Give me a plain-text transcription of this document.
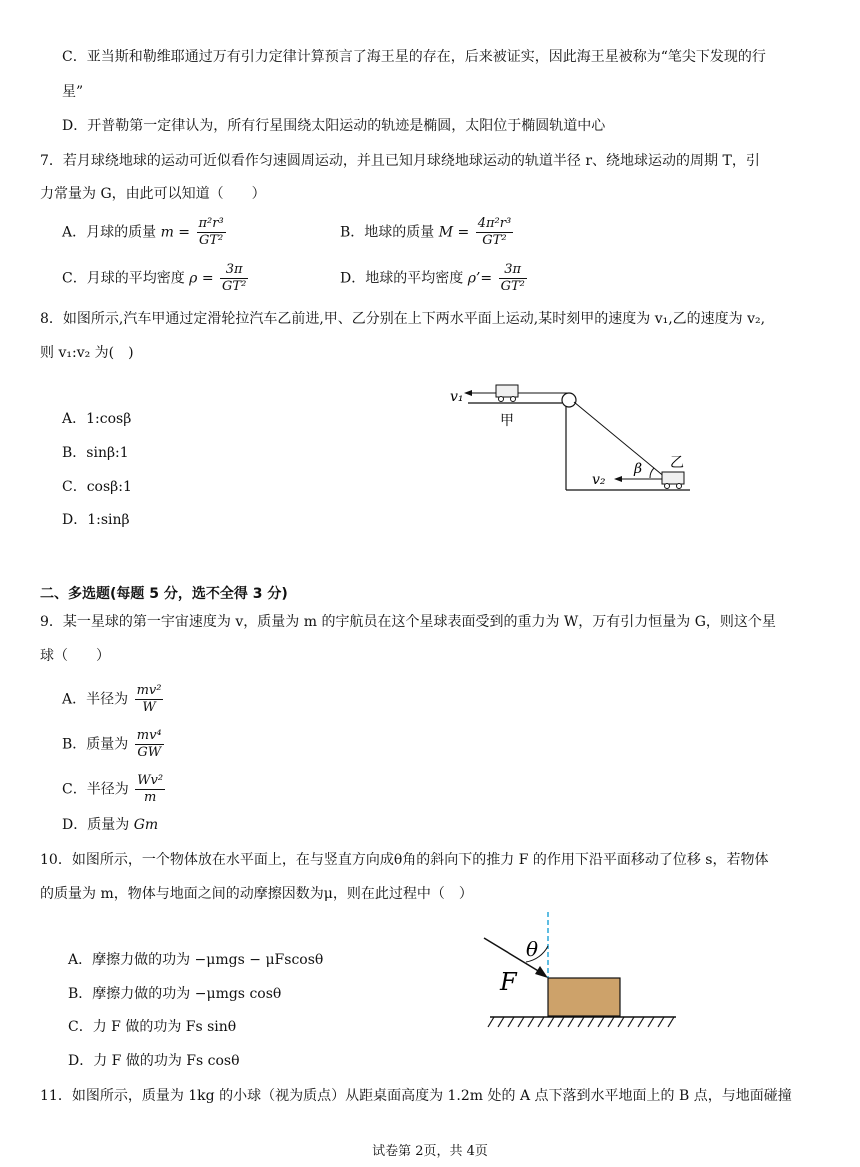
C．亚当斯和勒维耶通过万有引力定律计算预言了海王星的存在，后来被证实，因此海王星被称为“笔尖下发现的行
星”
D．开普勒第一定律认为，所有行星围绕太阳运动的轨迹是椭圆，太阳位于椭圆轨道中心
7．若月球绕地球的运动可近似看作匀速圆周运动，并且已知月球绕地球运动的轨道半径 r、绕地球运动的周期 T，引
力常量为 G，由此可以知道（　　）
A．月球的质量 $m = \frac{\text{π²r³}}{\text{GT²}}$	B．地球的质量 $M = \frac{\text{4π²r³}}{\text{GT²}}$
C．月球的平均密度 $\rho = \frac{3\pi}{\text{GT²}}$	D．地球的平均密度 ρ’= $\frac{3\pi}{\text{GT²}}$
8．如图所示,汽车甲通过定滑轮拉汽车乙前进,甲、乙分别在上下两水平面上运动,某时刻甲的速度为 v₁,乙的速度为 v₂,
则 v₁:v₂ 为(　)
A．1:cosβ
B．sinβ:1
C．cosβ:1
D．1:sinβ
v₁
甲
乙
β
v₂
二、多选题(每题 5 分，选不全得 3 分)
9．某一星球的第一宇宙速度为 v，质量为 m 的宇航员在这个星球表面受到的重力为 W，万有引力恒量为 G，则这个星
球（　　）
A．半径为 $\frac{\text{mv²}}{W}$
B．质量为 $\frac{\text{mv⁴}}{GW}$
C．半径为 $\frac{\text{Wv²}}{m}$
D．质量为 Gm
10．如图所示，一个物体放在水平面上，在与竖直方向成θ角的斜向下的推力 F 的作用下沿平面移动了位移 s，若物体
的质量为 m，物体与地面之间的动摩擦因数为μ，则在此过程中（　）
A．摩擦力做的功为 −μmgs − μFscosθ
B．摩擦力做的功为 −μmgs cosθ
C．力 F 做的功为 Fs sinθ
D．力 F 做的功为 Fs cosθ
θ
F
11．如图所示，质量为 1kg 的小球（视为质点）从距桌面高度为 1.2m 处的 A 点下落到水平地面上的 B 点，与地面碰撞
试卷第 2页，共 4页
